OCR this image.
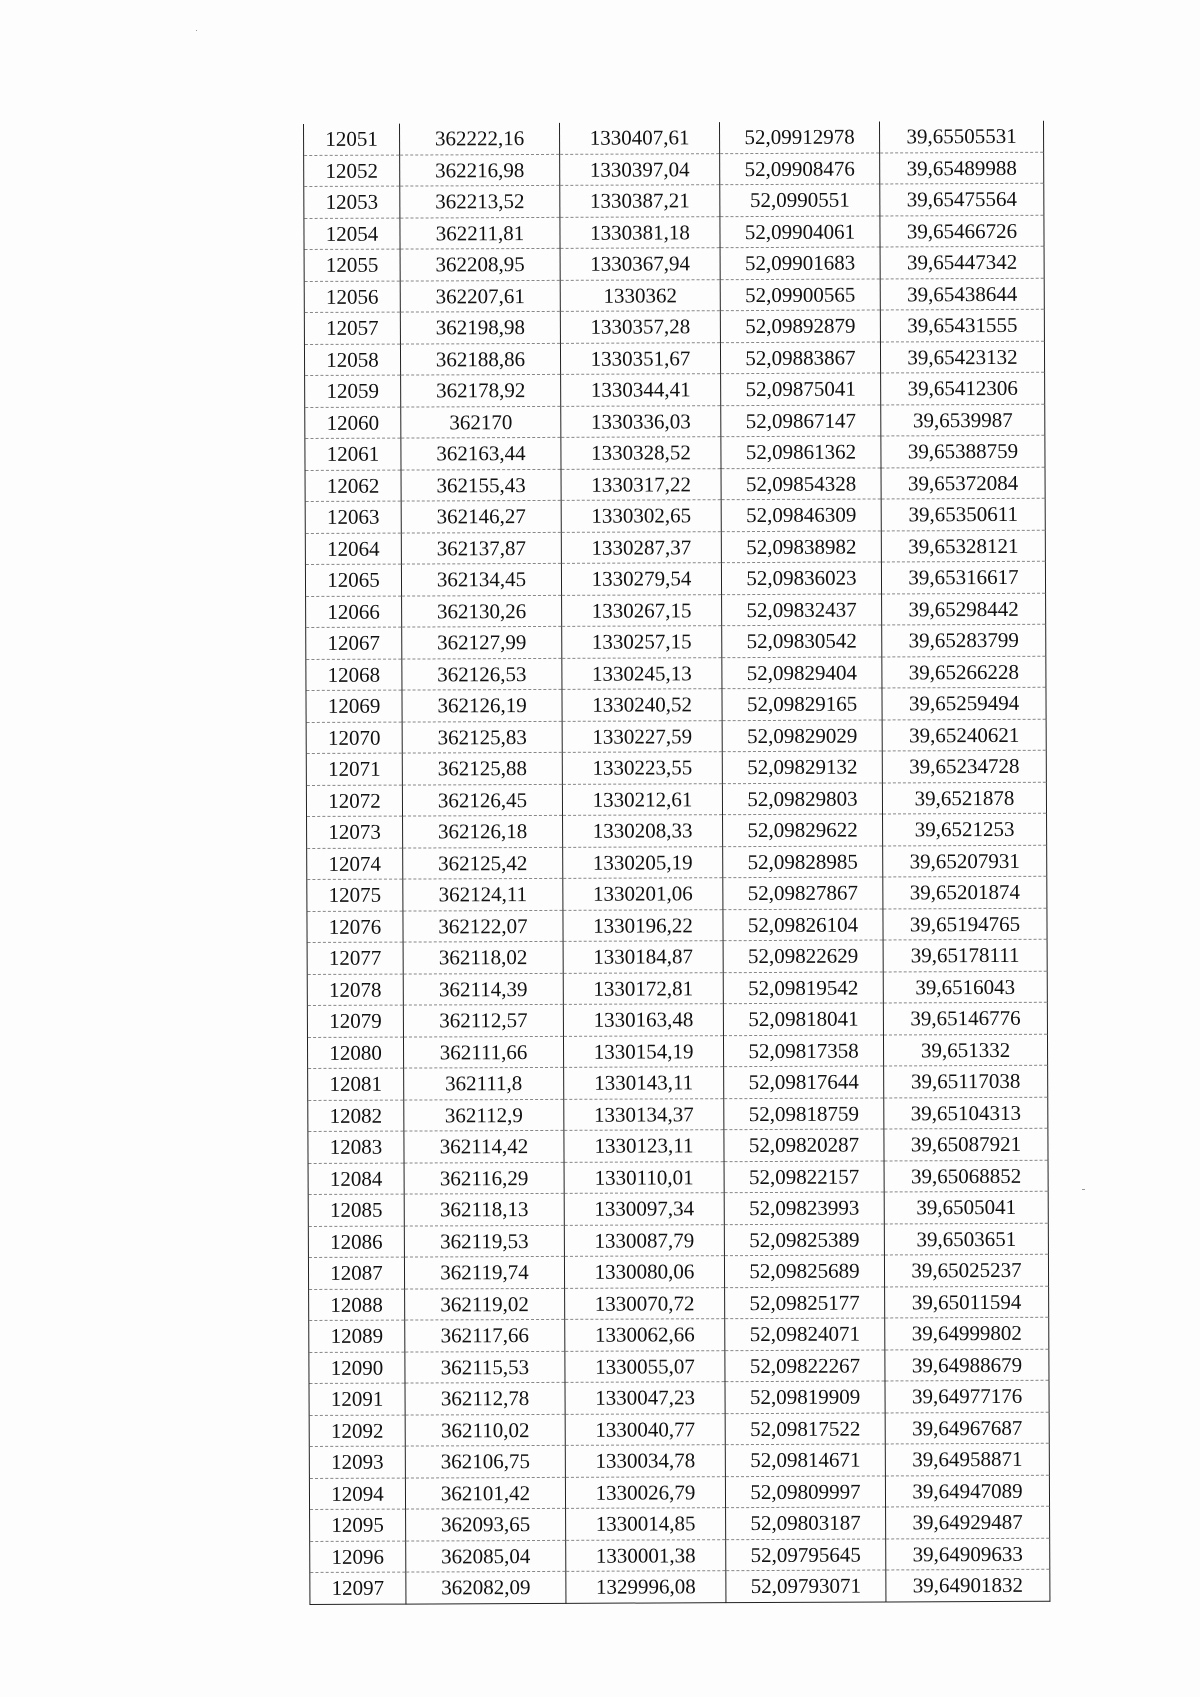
12051	362222,16	1330407,61	52,09912978	39,65505531
12052	362216,98	1330397,04	52,09908476	39,65489988
12053	362213,52	1330387,21	52,0990551	39,65475564
12054	362211,81	1330381,18	52,09904061	39,65466726
12055	362208,95	1330367,94	52,09901683	39,65447342
12056	362207,61	1330362	52,09900565	39,65438644
12057	362198,98	1330357,28	52,09892879	39,65431555
12058	362188,86	1330351,67	52,09883867	39,65423132
12059	362178,92	1330344,41	52,09875041	39,65412306
12060	362170	1330336,03	52,09867147	39,6539987
12061	362163,44	1330328,52	52,09861362	39,65388759
12062	362155,43	1330317,22	52,09854328	39,65372084
12063	362146,27	1330302,65	52,09846309	39,65350611
12064	362137,87	1330287,37	52,09838982	39,65328121
12065	362134,45	1330279,54	52,09836023	39,65316617
12066	362130,26	1330267,15	52,09832437	39,65298442
12067	362127,99	1330257,15	52,09830542	39,65283799
12068	362126,53	1330245,13	52,09829404	39,65266228
12069	362126,19	1330240,52	52,09829165	39,65259494
12070	362125,83	1330227,59	52,09829029	39,65240621
12071	362125,88	1330223,55	52,09829132	39,65234728
12072	362126,45	1330212,61	52,09829803	39,6521878
12073	362126,18	1330208,33	52,09829622	39,6521253
12074	362125,42	1330205,19	52,09828985	39,65207931
12075	362124,11	1330201,06	52,09827867	39,65201874
12076	362122,07	1330196,22	52,09826104	39,65194765
12077	362118,02	1330184,87	52,09822629	39,65178111
12078	362114,39	1330172,81	52,09819542	39,6516043
12079	362112,57	1330163,48	52,09818041	39,65146776
12080	362111,66	1330154,19	52,09817358	39,651332
12081	362111,8	1330143,11	52,09817644	39,65117038
12082	362112,9	1330134,37	52,09818759	39,65104313
12083	362114,42	1330123,11	52,09820287	39,65087921
12084	362116,29	1330110,01	52,09822157	39,65068852
12085	362118,13	1330097,34	52,09823993	39,6505041
12086	362119,53	1330087,79	52,09825389	39,6503651
12087	362119,74	1330080,06	52,09825689	39,65025237
12088	362119,02	1330070,72	52,09825177	39,65011594
12089	362117,66	1330062,66	52,09824071	39,64999802
12090	362115,53	1330055,07	52,09822267	39,64988679
12091	362112,78	1330047,23	52,09819909	39,64977176
12092	362110,02	1330040,77	52,09817522	39,64967687
12093	362106,75	1330034,78	52,09814671	39,64958871
12094	362101,42	1330026,79	52,09809997	39,64947089
12095	362093,65	1330014,85	52,09803187	39,64929487
12096	362085,04	1330001,38	52,09795645	39,64909633
12097	362082,09	1329996,08	52,09793071	39,64901832
